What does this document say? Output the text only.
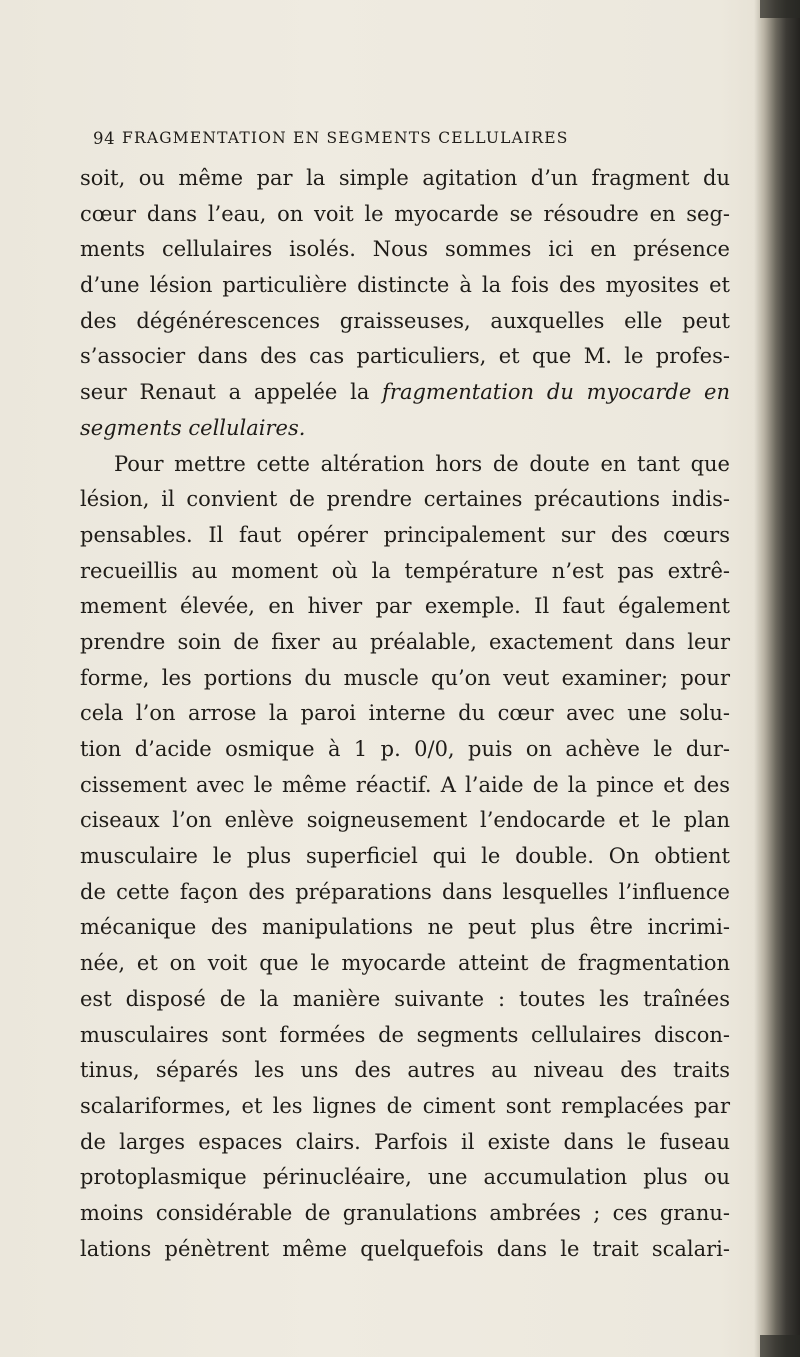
94 FRAGMENTATION EN SEGMENTS CELLULAIRES
soit, ou même par la simple agitation d’un fragment du
cœur dans l’eau, on voit le myocarde se résoudre en seg-
ments cellulaires isolés. Nous sommes ici en présence
d’une lésion particulière distincte à la fois des myosites et
des dégénérescences graisseuses, auxquelles elle peut
s’associer dans des cas particuliers, et que M. le profes-
seur Renaut a appelée la fragmentation du myocarde en
segments cellulaires.
Pour mettre cette altération hors de doute en tant que
lésion, il convient de prendre certaines précautions indis-
pensables. Il faut opérer principalement sur des cœurs
recueillis au moment où la température n’est pas extrê-
mement élevée, en hiver par exemple. Il faut également
prendre soin de fixer au préalable, exactement dans leur
forme, les portions du muscle qu’on veut examiner; pour
cela l’on arrose la paroi interne du cœur avec une solu-
tion d’acide osmique à 1 p. 0/0, puis on achève le dur-
cissement avec le même réactif. A l’aide de la pince et des
ciseaux l’on enlève soigneusement l’endocarde et le plan
musculaire le plus superficiel qui le double. On obtient
de cette façon des préparations dans lesquelles l’influence
mécanique des manipulations ne peut plus être incrimi-
née, et on voit que le myocarde atteint de fragmentation
est disposé de la manière suivante : toutes les traînées
musculaires sont formées de segments cellulaires discon-
tinus, séparés les uns des autres au niveau des traits
scalariformes, et les lignes de ciment sont remplacées par
de larges espaces clairs. Parfois il existe dans le fuseau
protoplasmique périnucléaire, une accumulation plus ou
moins considérable de granulations ambrées ; ces granu-
lations pénètrent même quelquefois dans le trait scalari-
